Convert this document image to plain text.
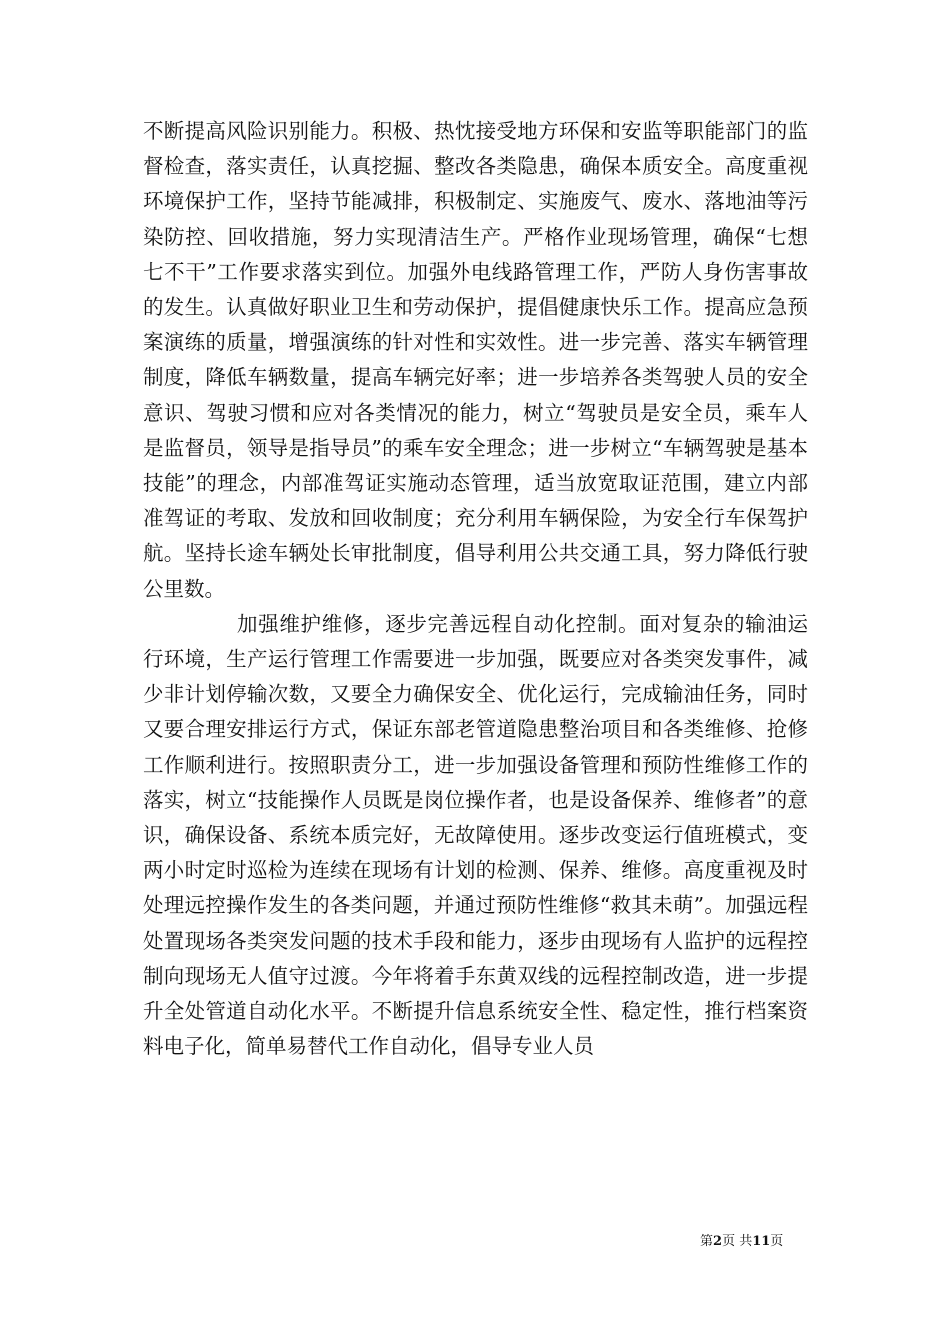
不断提高风险识别能力。积极、热忱接受地方环保和安监等职能部门的监督检查，落实责任，认真挖掘、整改各类隐患，确保本质安全。高度重视环境保护工作，坚持节能减排，积极制定、实施废气、废水、落地油等污染防控、回收措施，努力实现清洁生产。严格作业现场管理，确保“七想七不干”工作要求落实到位。加强外电线路管理工作，严防人身伤害事故的发生。认真做好职业卫生和劳动保护，提倡健康快乐工作。提高应急预案演练的质量，增强演练的针对性和实效性。进一步完善、落实车辆管理制度，降低车辆数量，提高车辆完好率；进一步培养各类驾驶人员的安全意识、驾驶习惯和应对各类情况的能力，树立“驾驶员是安全员，乘车人是监督员，领导是指导员”的乘车安全理念；进一步树立“车辆驾驶是基本技能”的理念，内部准驾证实施动态管理，适当放宽取证范围，建立内部准驾证的考取、发放和回收制度；充分利用车辆保险，为安全行车保驾护航。坚持长途车辆处长审批制度，倡导利用公共交通工具，努力降低行驶公里数。

加强维护维修，逐步完善远程自动化控制。面对复杂的输油运行环境，生产运行管理工作需要进一步加强，既要应对各类突发事件，减少非计划停输次数，又要全力确保安全、优化运行，完成输油任务，同时又要合理安排运行方式，保证东部老管道隐患整治项目和各类维修、抢修工作顺利进行。按照职责分工，进一步加强设备管理和预防性维修工作的落实，树立“技能操作人员既是岗位操作者，也是设备保养、维修者”的意识，确保设备、系统本质完好，无故障使用。逐步改变运行值班模式，变两小时定时巡检为连续在现场有计划的检测、保养、维修。高度重视及时处理远控操作发生的各类问题，并通过预防性维修“救其未萌”。加强远程处置现场各类突发问题的技术手段和能力，逐步由现场有人监护的远程控制向现场无人值守过渡。今年将着手东黄双线的远程控制改造，进一步提升全处管道自动化水平。不断提升信息系统安全性、稳定性，推行档案资料电子化，简单易替代工作自动化，倡导专业人员

第2页 共11页
